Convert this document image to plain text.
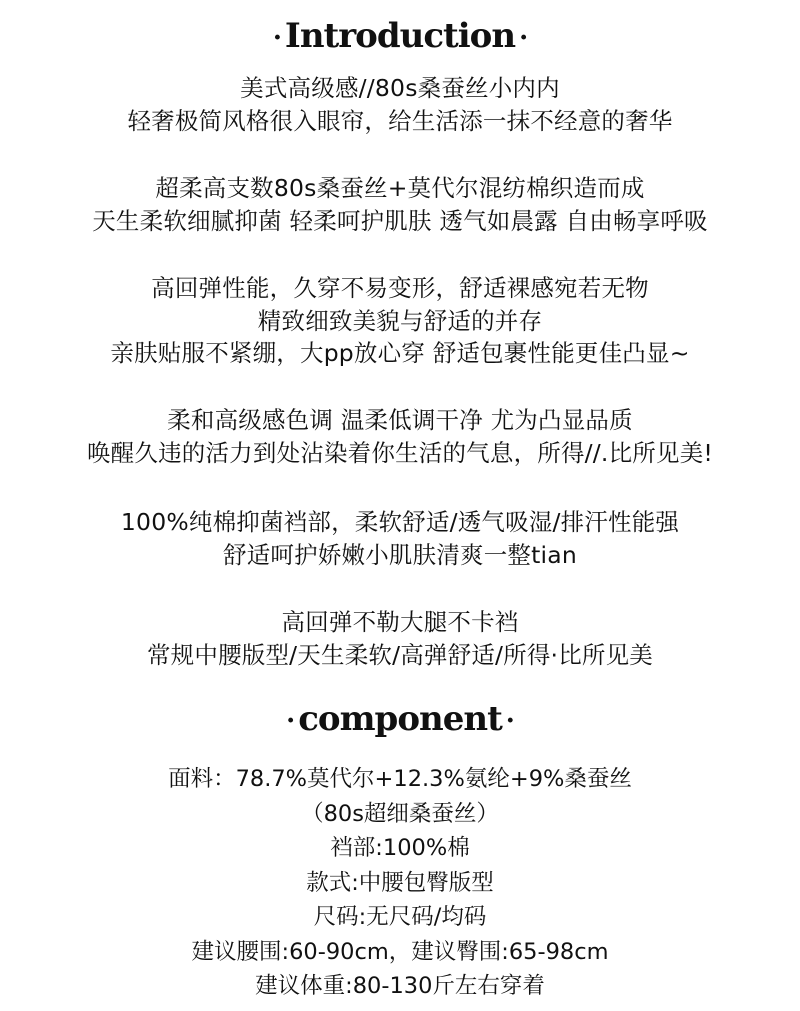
· Introduction ·
美式高级感//80s桑蚕丝小内内
轻奢极简风格很入眼帘，给生活添一抹不经意的奢华
超柔高支数80s桑蚕丝+莫代尔混纺棉织造而成
天生柔软细腻抑菌 轻柔呵护肌肤 透气如晨露 自由畅享呼吸
高回弹性能，久穿不易变形，舒适裸感宛若无物
精致细致美貌与舒适的并存
亲肤贴服不紧绷，大pp放心穿 舒适包裹性能更佳凸显~
柔和高级感色调 温柔低调干净 尤为凸显品质
唤醒久违的活力到处沾染着你生活的气息，所得//.比所见美!
100%纯棉抑菌裆部，柔软舒适/透气吸湿/排汗性能强
舒适呵护娇嫩小肌肤清爽一整tian
高回弹不勒大腿不卡裆
常规中腰版型/天生柔软/高弹舒适/所得·比所见美
· component ·
面料：78.7%莫代尔+12.3%氨纶+9%桑蚕丝
（80s超细桑蚕丝）
裆部:100%棉
款式:中腰包臀版型
尺码:无尺码/均码
建议腰围:60-90cm，建议臀围:65-98cm
建议体重:80-130斤左右穿着
